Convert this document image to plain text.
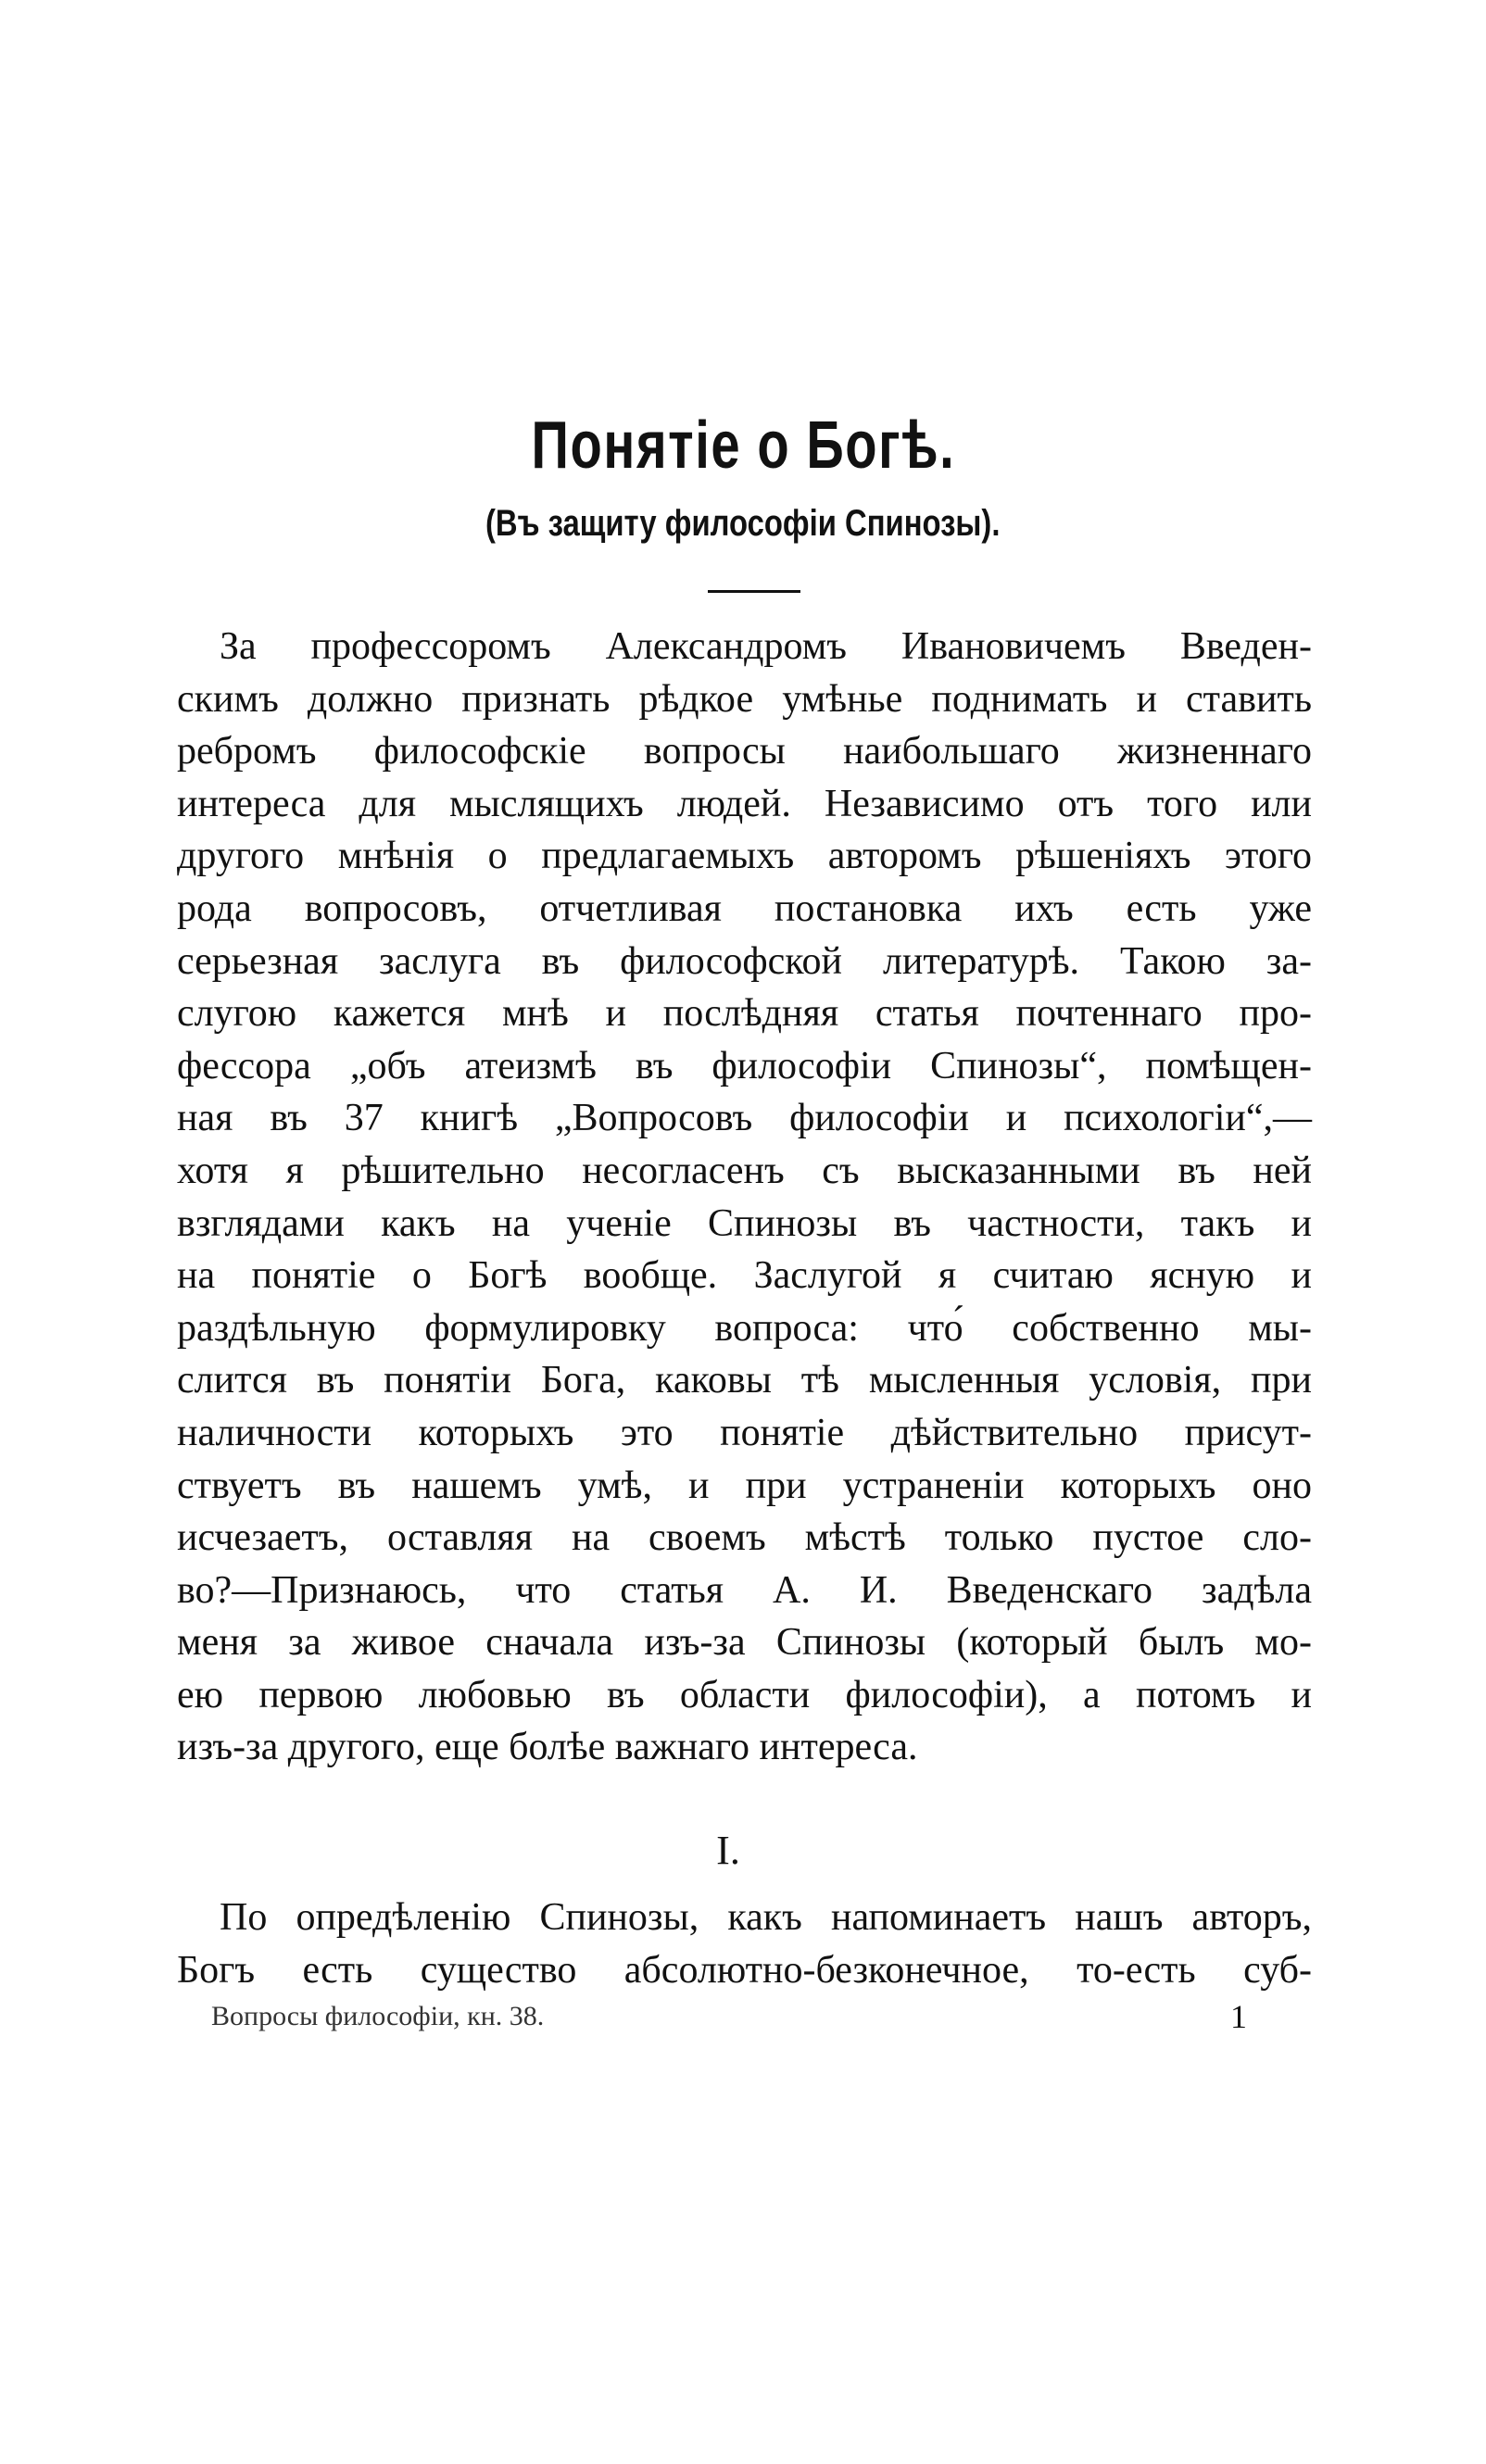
Понятіе о Богѣ.
(Въ защиту философіи Спинозы).
За профессоромъ Александромъ Ивановичемъ Введен-
скимъ должно признать рѣдкое умѣнье поднимать и ставить
ребромъ философскіе вопросы наибольшаго жизненнаго
интереса для мыслящихъ людей. Независимо отъ того или
другого мнѣнія о предлагаемыхъ авторомъ рѣшеніяхъ этого
рода вопросовъ, отчетливая постановка ихъ есть уже
серьезная заслуга въ философской литературѣ. Такою за-
слугою кажется мнѣ и послѣдняя статья почтеннаго про-
фессора „объ атеизмѣ въ философіи Спинозы“, помѣщен-
ная въ 37 книгѣ „Вопросовъ философіи и психологіи“,—
хотя я рѣшительно несогласенъ съ высказанными въ ней
взглядами какъ на ученіе Спинозы въ частности, такъ и
на понятіе о Богѣ вообще. Заслугой я считаю ясную и
раздѣльную формулировку вопроса: что́ собственно мы-
слится въ понятіи Бога, каковы тѣ мысленныя условія, при
наличности которыхъ это понятіе дѣйствительно присут-
ствуетъ въ нашемъ умѣ, и при устраненіи которыхъ оно
исчезаетъ, оставляя на своемъ мѣстѣ только пустое сло-
во?—Признаюсь, что статья А. И. Введенскаго задѣла
меня за живое сначала изъ-за Спинозы (который былъ мо-
ею первою любовью въ области философіи), а потомъ и
изъ-за другого, еще болѣе важнаго интереса.
I.
По опредѣленію Спинозы, какъ напоминаетъ нашъ авторъ,
Богъ есть существо абсолютно-безконечное, то-есть суб-
Вопросы философіи, кн. 38.	1
